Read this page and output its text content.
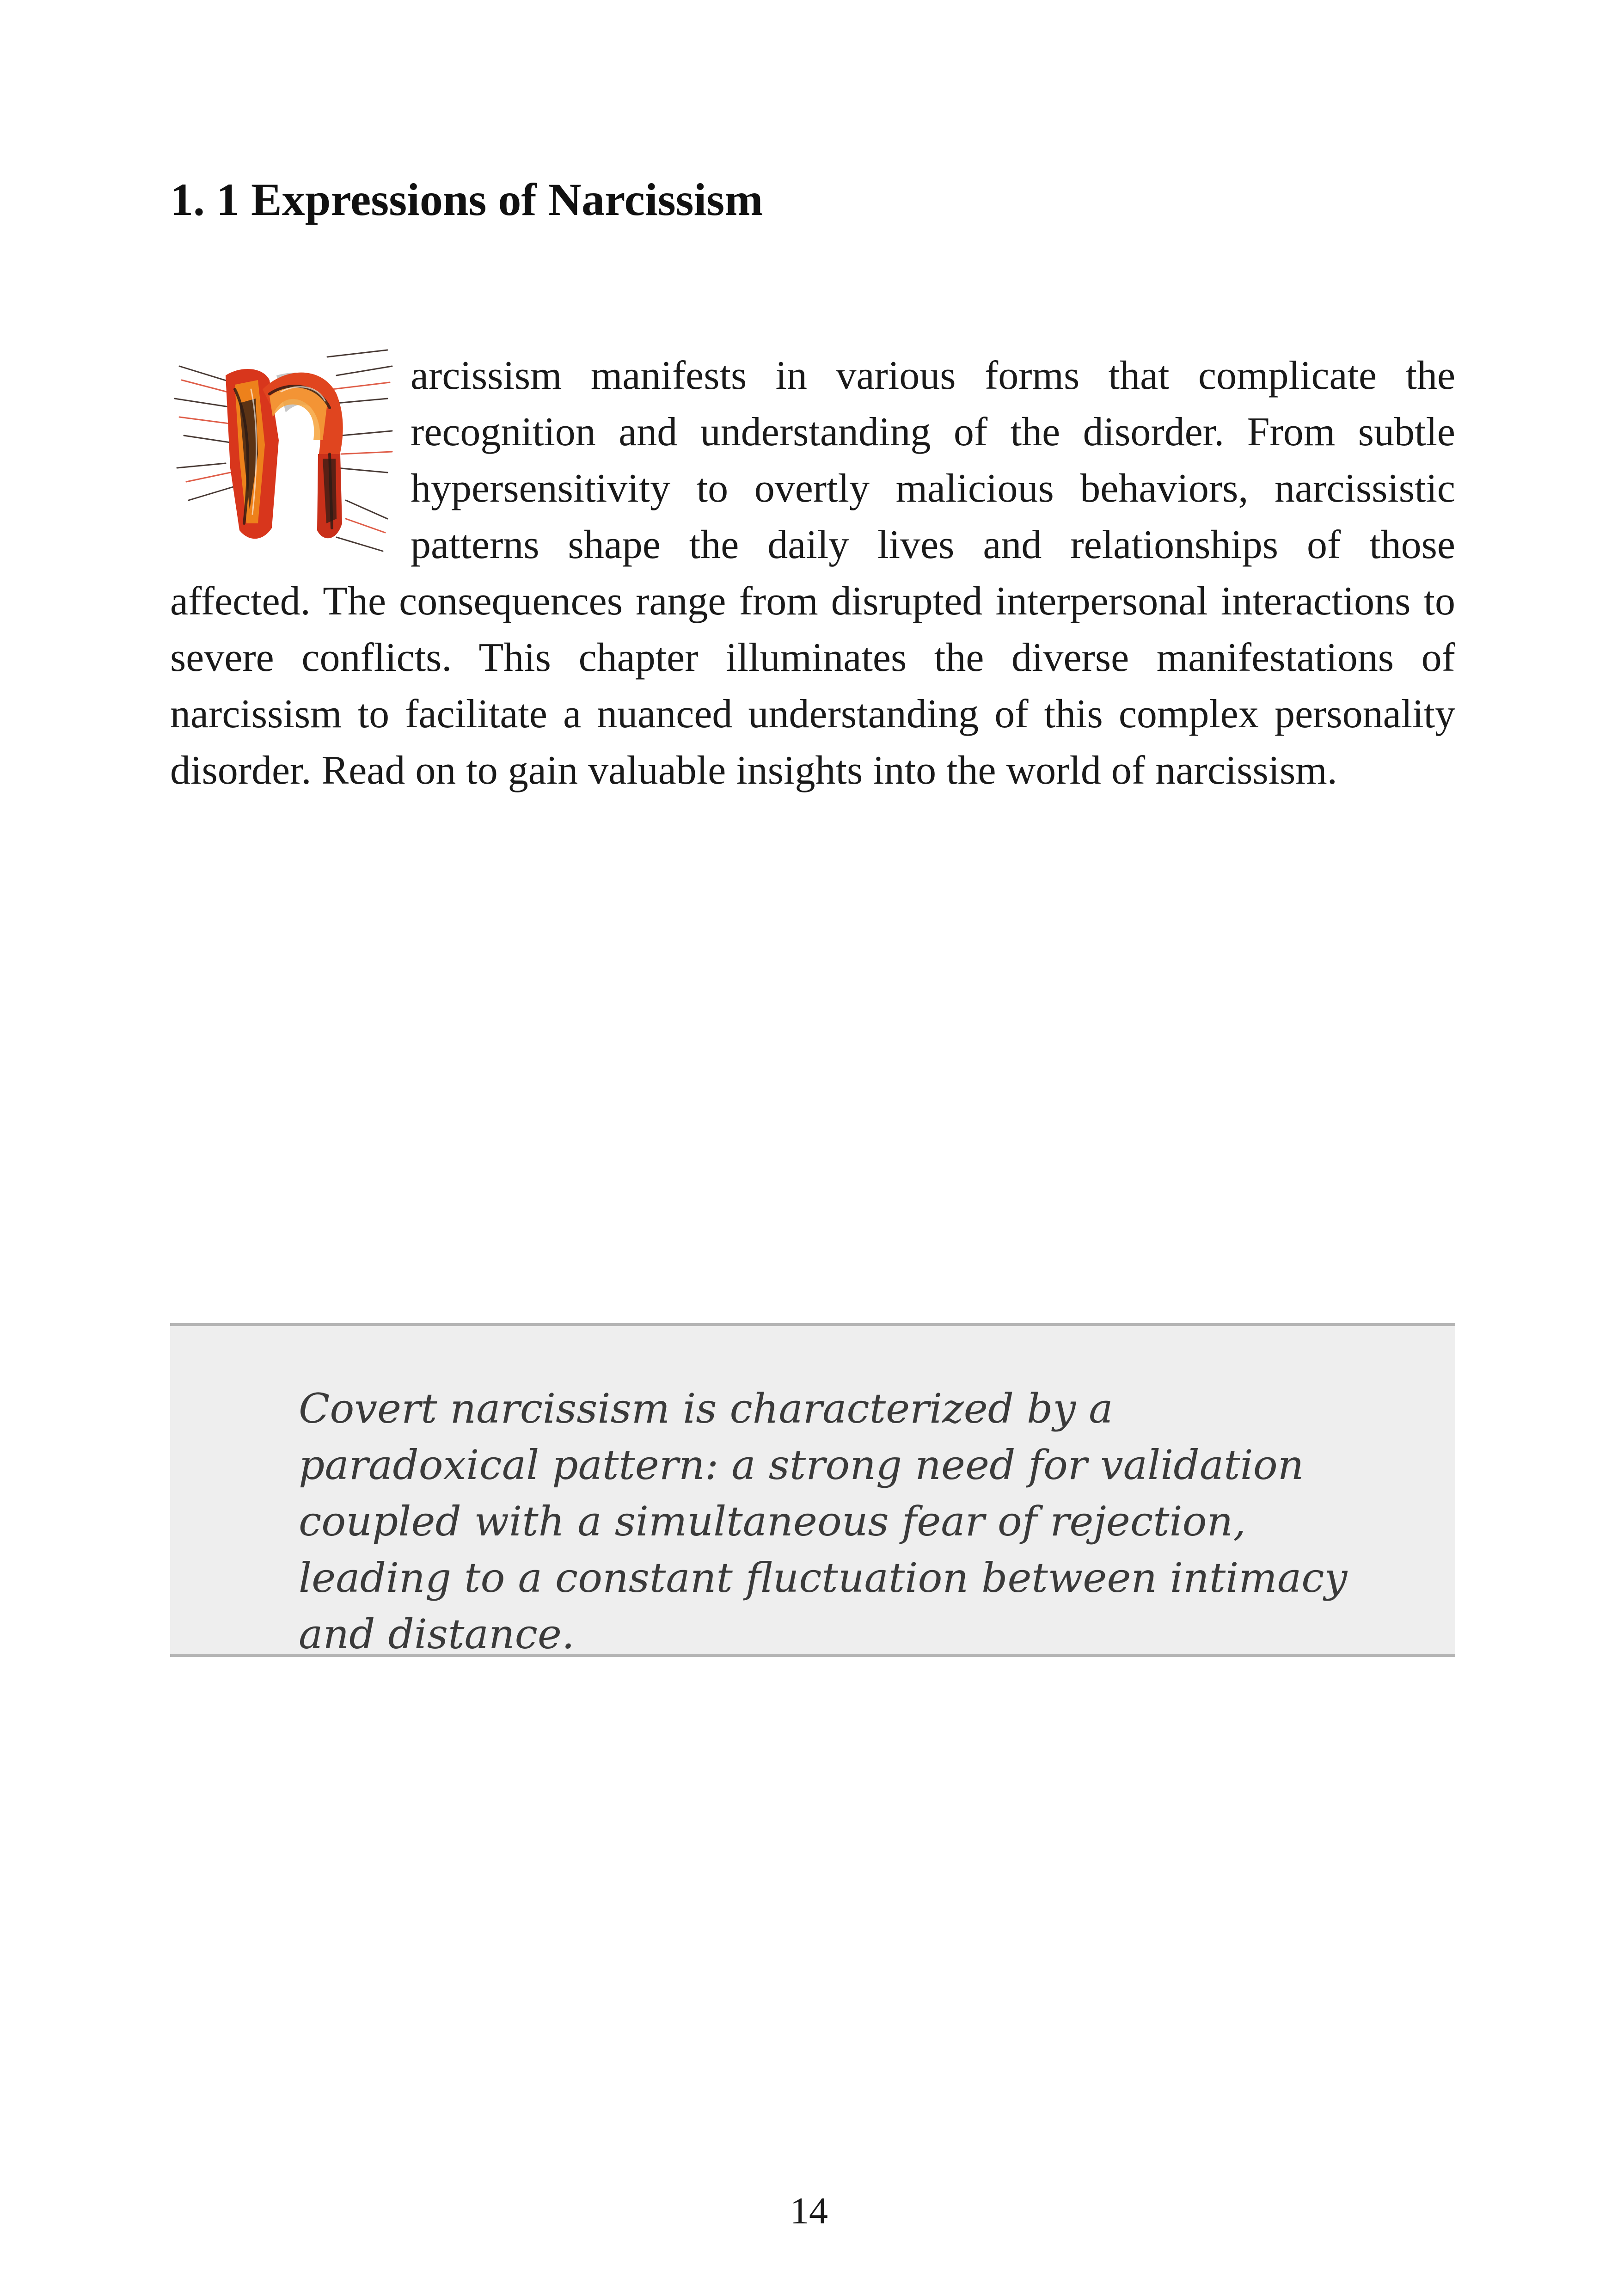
1. 1 Expressions of Narcissism
arcissism manifests in various forms that complicate the recognition and understanding of the disorder. From subtle hypersensitivity to overtly malicious behaviors, narcissistic patterns shape the daily lives and relationships of those affected. The consequences range from disrupted interpersonal interactions to severe conflicts. This chapter illuminates the diverse manifestations of narcissism to facilitate a nuanced understanding of this complex personality disorder. Read on to gain valuable insights into the world of narcissism.

Covert narcissism is characterized by a paradoxical pattern: a strong need for validation coupled with a simultaneous fear of rejection, leading to a constant fluctuation between intimacy and distance.

14
